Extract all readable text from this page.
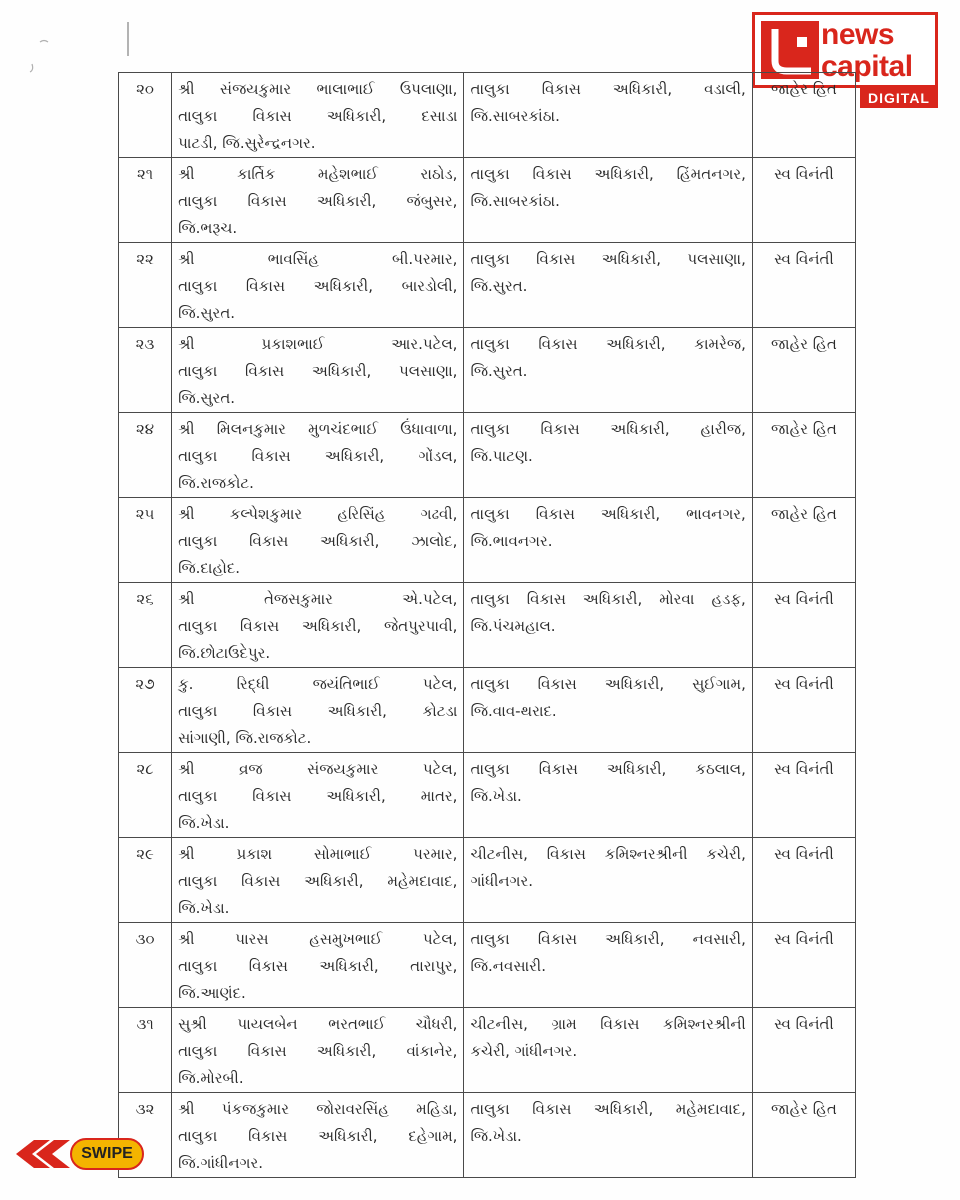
news
capital
DIGITAL
૨૦	શ્રી સંજયકુમાર ભાલાભાઈ ઉપલાણા,
તાલુકા વિકાસ અધિકારી, દસાડા
પાટડી, જિ.સુરેન્દ્રનગર.	તાલુકા વિકાસ અધિકારી, વડાલી,
જિ.સાબરકાંઠા.	જાહેર હિત
૨૧	શ્રી કાર્તિક મહેશભાઈ રાઠોડ,
તાલુકા વિકાસ અધિકારી, જંબુસર,
જિ.ભરૂચ.	તાલુકા વિકાસ અધિકારી, હિંમતનગર,
જિ.સાબરકાંઠા.	સ્વ વિનંતી
૨૨	શ્રી ભાવસિંહ બી.પરમાર,
તાલુકા વિકાસ અધિકારી, બારડોલી,
જિ.સુરત.	તાલુકા વિકાસ અધિકારી, પલસાણા,
જિ.સુરત.	સ્વ વિનંતી
૨૩	શ્રી પ્રકાશભાઈ આર.પટેલ,
તાલુકા વિકાસ અધિકારી, પલસાણા,
જિ.સુરત.	તાલુકા વિકાસ અધિકારી, કામરેજ,
જિ.સુરત.	જાહેર હિત
૨૪	શ્રી મિલનકુમાર મુળચંદભાઈ ઉંધાવાળા,
તાલુકા વિકાસ અધિકારી, ગોંડલ,
જિ.રાજકોટ.	તાલુકા વિકાસ અધિકારી, હારીજ,
જિ.પાટણ.	જાહેર હિત
૨૫	શ્રી કલ્પેશકુમાર હરિસિંહ ગઢવી,
તાલુકા વિકાસ અધિકારી, ઝાલોદ,
જિ.દાહોદ.	તાલુકા વિકાસ અધિકારી, ભાવનગર,
જિ.ભાવનગર.	જાહેર હિત
૨૬	શ્રી તેજસકુમાર એ.પટેલ,
તાલુકા વિકાસ અધિકારી, જેતપુરપાવી,
જિ.છોટાઉદેપુર.	તાલુકા વિકાસ અધિકારી, મોરવા હડફ,
જિ.પંચમહાલ.	સ્વ વિનંતી
૨૭	કુ. રિદ્ધી જયંતિભાઈ પટેલ,
તાલુકા વિકાસ અધિકારી, કોટડા
સાંગાણી, જિ.રાજકોટ.	તાલુકા વિકાસ અધિકારી, સુઈગામ,
જિ.વાવ-થરાદ.	સ્વ વિનંતી
૨૮	શ્રી વ્રજ સંજયકુમાર પટેલ,
તાલુકા વિકાસ અધિકારી, માતર,
જિ.ખેડા.	તાલુકા વિકાસ અધિકારી, કઠલાલ,
જિ.ખેડા.	સ્વ વિનંતી
૨૯	શ્રી પ્રકાશ સોમાભાઈ પરમાર,
તાલુકા વિકાસ અધિકારી, મહેમદાવાદ,
જિ.ખેડા.	ચીટનીસ, વિકાસ કમિશ્નરશ્રીની કચેરી,
ગાંધીનગર.	સ્વ વિનંતી
૩૦	શ્રી પારસ હસમુખભાઈ પટેલ,
તાલુકા વિકાસ અધિકારી, તારાપુર,
જિ.આણંદ.	તાલુકા વિકાસ અધિકારી, નવસારી,
જિ.નવસારી.	સ્વ વિનંતી
૩૧	સુશ્રી પાયલબેન ભરતભાઈ ચૌધરી,
તાલુકા વિકાસ અધિકારી, વાંકાનેર,
જિ.મોરબી.	ચીટનીસ, ગ્રામ વિકાસ કમિશ્નરશ્રીની
કચેરી, ગાંધીનગર.	સ્વ વિનંતી
૩૨	શ્રી પંકજકુમાર જોરાવરસિંહ મહિડા,
તાલુકા વિકાસ અધિકારી, દહેગામ,
જિ.ગાંધીનગર.	તાલુકા વિકાસ અધિકારી, મહેમદાવાદ,
જિ.ખેડા.	જાહેર હિત
SWIPE
